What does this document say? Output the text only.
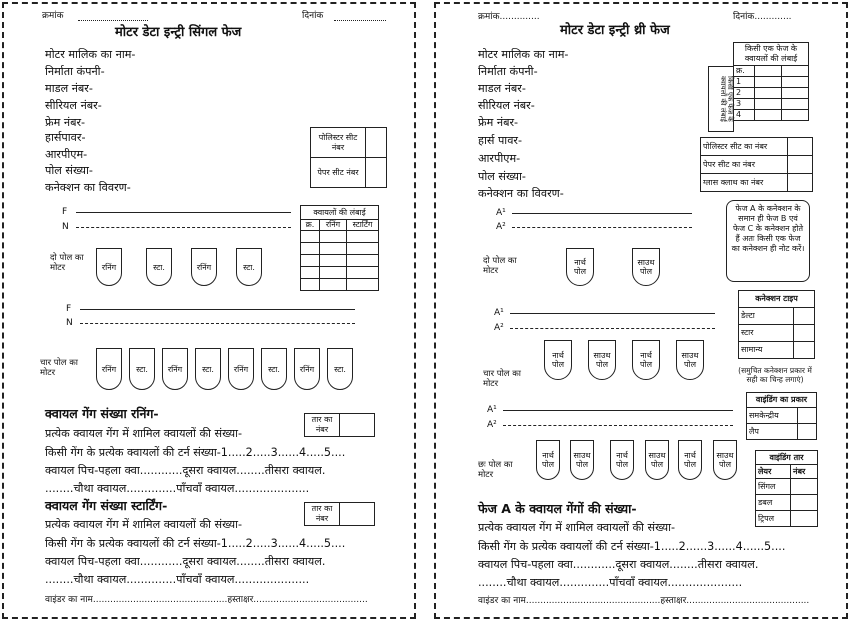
क्रमांक	दिनांक
मोटर डेटा इन्ट्री सिंगल फेज
मोटर मालिक का नाम-
निर्माता कंपनी-
माडल नंबर-
सीरियल नंबर-
फ्रेम नंबर-
हार्सपावर-
आरपीएम-
पोल संख्या-
कनेक्शन का विवरण-
पोलिस्टर सीट नंबर	
पेपर सीट नंबर	
क्वायलों की लंबाई		
क्र.	रनिंग	स्टार्टिंग

F
N
दो पोल का मोटर	रनिंग	स्टा.	रनिंग	स्टा.
F
N
चार पोल का मोटर	रनिंग	स्टा.	रनिंग	स्टा.	रनिंग	स्टा.	रनिंग	स्टा.
क्वायल गेंग संख्या रनिंग-	तार का नंबर	
प्रत्येक क्वायल गेंग में शामिल क्वायलों की संख्या-
किसी गेंग के प्रत्येक क्वायलों की टर्न संख्या-1.....2.....3......4.....5....
क्वायल पिच-पहला क्वा............दूसरा क्वायल........तीसरा क्वायल.
........चौथा क्वायल..............पाँचवाँ क्वायल.....................
क्वायल गेंग संख्या स्टार्टिंग-	तार का नंबर	
प्रत्येक क्वायल गेंग में शामिल क्वायलों की संख्या-
किसी गेंग के प्रत्येक क्वायलों की टर्न संख्या-1.....2.....3......4.....5....
क्वायल पिच-पहला क्वा............दूसरा क्वायल........तीसरा क्वायल.
........चौथा क्वायल..............पाँचवाँ क्वायल.....................
वाइंडर का नाम...............................................हस्ताक्षर........................................
क्रमांक..............	दिनांक.............
मोटर डेटा इन्ट्री थ्री फेज
मोटर मालिक का नाम-
निर्माता कंपनी-
माडल नंबर-
सीरियल नंबर-
फ्रेम नंबर-
हार्स पावर-
आरपीएम-
पोल संख्या-
कनेक्शन का विवरण-
किसी एक फेज के क्वायलों की लंबाई
किसी एक फेज के क्वायलों की लंबाई		
क्र.		
1		
2		
3		
4		
पोलिस्टर सीट का नंबर	
पेपर सीट का नंबर	
ग्लास क्लाथ का नंबर	
फेज A के कनेक्शन के समान ही फेज B एवं फेज C के कनेक्शन होते हैं अतः किसी एक फेज का कनेक्शन ही नोट करें।
A¹
A²
दो पोल का मोटर
नार्थ पोल
साउथ पोल
A¹
A²
चार पोल का मोटर
नार्थ पोल
साउथ पोल
नार्थ पोल
साउथ पोल
A¹
A²
छः पोल का मोटर
नार्थ पोल
साउथ पोल
नार्थ पोल
साउथ पोल
नार्थ पोल
साउथ पोल
कनेक्शन टाइप	
डेल्टा	
स्टार	
सामान्य	
(समुचित कनेक्शन प्रकार में सही का चिन्ह लगाएं)
वाइंडिंग का प्रकार	
समकेन्द्रीय	
लैप	
वाइंडिंग तार	
लेयर	नंबर
सिंगल	
डबल	
ट्रिपल	
फेज A के क्वायल गेंगों की संख्या-
प्रत्येक क्वायल गेंग में शामिल क्वायलों की संख्या-
किसी गेंग के प्रत्येक क्वायलों की टर्न संख्या-1.....2......3......4......5....
क्वायल पिच-पहला क्वा............दूसरा क्वायल........तीसरा क्वायल.
........चौथा क्वायल..............पाँचवाँ क्वायल.....................
वाइंडर का नाम...............................................हस्ताक्षर...........................................
